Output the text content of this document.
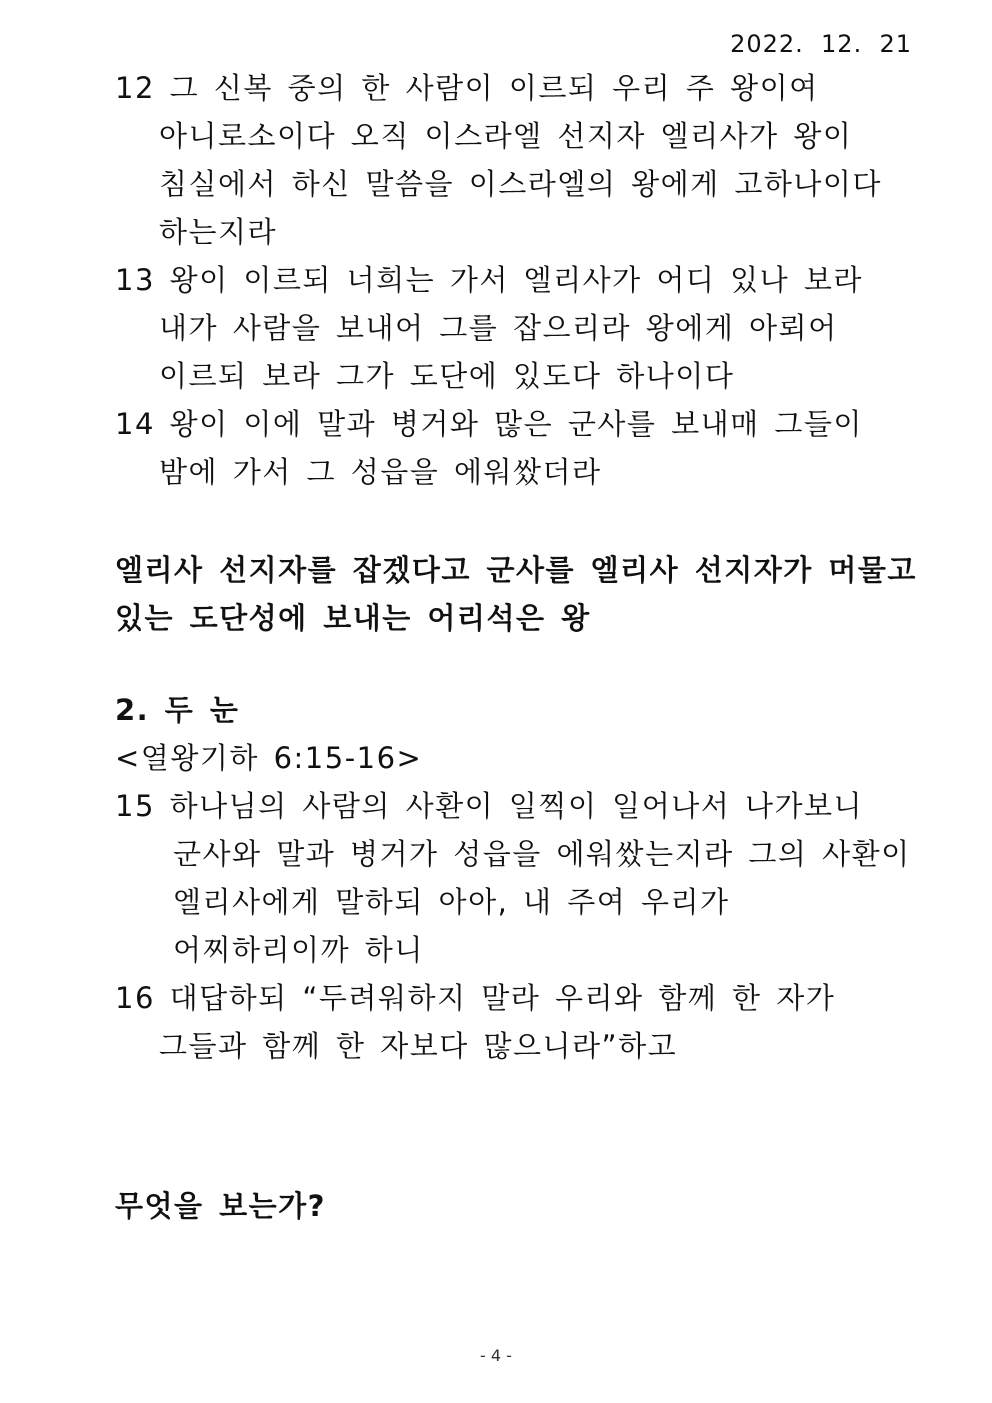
2022.  12.  21
12 그 신복 중의 한 사람이 이르되 우리 주 왕이여
아니로소이다 오직 이스라엘 선지자 엘리사가 왕이
침실에서 하신 말씀을 이스라엘의 왕에게 고하나이다
하는지라
13 왕이 이르되 너희는 가서 엘리사가 어디 있나 보라
내가 사람을 보내어 그를 잡으리라 왕에게 아뢰어
이르되 보라 그가 도단에 있도다 하나이다
14 왕이 이에 말과 병거와 많은 군사를 보내매 그들이
밤에 가서 그 성읍을 에워쌌더라
엘리사 선지자를 잡겠다고 군사를 엘리사 선지자가 머물고
있는 도단성에 보내는 어리석은 왕
2. 두 눈
<열왕기하 6:15-16>
15 하나님의 사람의 사환이 일찍이 일어나서 나가보니
군사와 말과 병거가 성읍을 에워쌌는지라 그의 사환이
엘리사에게 말하되 아아, 내 주여 우리가
어찌하리이까 하니
16 대답하되 “두려워하지 말라 우리와 함께 한 자가
그들과 함께 한 자보다 많으니라”하고
무엇을 보는가?
- 4 -
